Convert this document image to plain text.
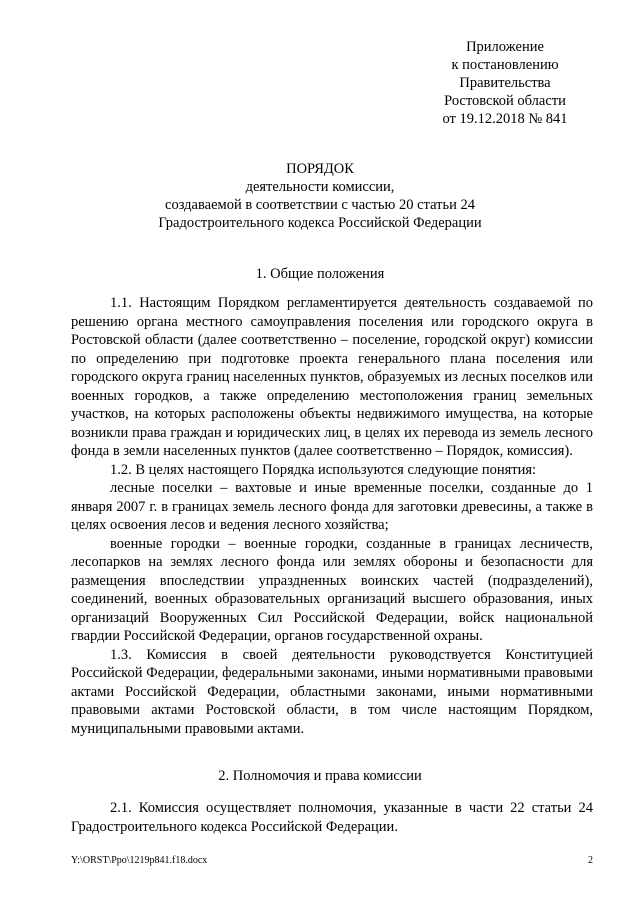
Приложение
к постановлению
Правительства
Ростовской области
от 19.12.2018 № 841
ПОРЯДОК
деятельности комиссии,
создаваемой в соответствии с частью 20 статьи 24
Градостроительного кодекса Российской Федерации
1. Общие положения

1.1. Настоящим Порядком регламентируется деятельность создаваемой по решению органа местного самоуправления поселения или городского округа в Ростовской области (далее соответственно – поселение, городской округ) комиссии по определению при подготовке проекта генерального плана поселения или городского округа границ населенных пунктов, образуемых из лесных поселков или военных городков, а также определению местоположения границ земельных участков, на которых расположены объекты недвижимого имущества, на которые возникли права граждан и юридических лиц, в целях их перевода из земель лесного фонда в земли населенных пунктов (далее соответственно – Порядок, комиссия).

1.2. В целях настоящего Порядка используются следующие понятия:

лесные поселки – вахтовые и иные временные поселки, созданные до 1 января 2007 г. в границах земель лесного фонда для заготовки древесины, а также в целях освоения лесов и ведения лесного хозяйства;

военные городки – военные городки, созданные в границах лесничеств, лесопарков на землях лесного фонда или землях обороны и безопасности для размещения впоследствии упраздненных воинских частей (подразделений), соединений, военных образовательных организаций высшего образования, иных организаций Вооруженных Сил Российской Федерации, войск национальной гвардии Российской Федерации, органов государственной охраны.

1.3. Комиссия в своей деятельности руководствуется Конституцией Российской Федерации, федеральными законами, иными нормативными правовыми актами Российской Федерации, областными законами, иными нормативными правовыми актами Ростовской области, в том числе настоящим Порядком, муниципальными правовыми актами.

2. Полномочия и права комиссии

2.1. Комиссия осуществляет полномочия, указанные в части 22 статьи 24 Градостроительного кодекса Российской Федерации.

Y:\ORST\Ppo\1219p841.f18.docx	2
